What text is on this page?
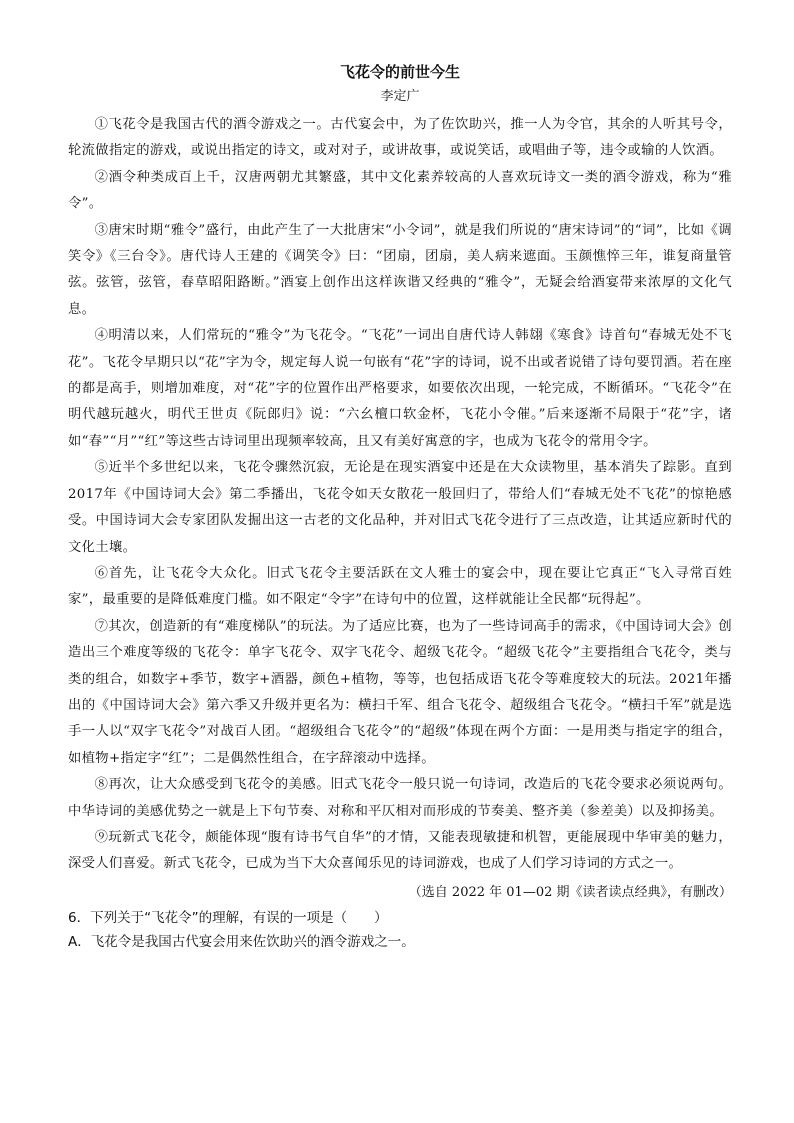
飞花令的前世今生
李定广

①飞花令是我国古代的酒令游戏之一。古代宴会中，为了佐饮助兴，推一人为令官，其余的人听其号令，轮流做指定的游戏，或说出指定的诗文，或对对子，或讲故事，或说笑话，或唱曲子等，违令或输的人饮酒。

②酒令种类成百上千，汉唐两朝尤其繁盛，其中文化素养较高的人喜欢玩诗文一类的酒令游戏，称为“雅令”。

③唐宋时期“雅令”盛行，由此产生了一大批唐宋“小令词”，就是我们所说的“唐宋诗词”的“词”，比如《调笑令》《三台令》。唐代诗人王建的《调笑令》曰：“团扇，团扇，美人病来遮面。玉颜憔悴三年，谁复商量管弦。弦管，弦管，春草昭阳路断。”酒宴上创作出这样诙谐又经典的“雅令”，无疑会给酒宴带来浓厚的文化气息。

④明清以来，人们常玩的“雅令”为飞花令。“飞花”一词出自唐代诗人韩翃《寒食》诗首句“春城无处不飞花”。飞花令早期只以“花”字为令，规定每人说一句嵌有“花”字的诗词，说不出或者说错了诗句要罚酒。若在座的都是高手，则增加难度，对“花”字的位置作出严格要求，如要依次出现，一轮完成，不断循环。“飞花令”在明代越玩越火，明代王世贞《阮郎归》说：“六幺檀口软金杯，飞花小令催。”后来逐渐不局限于“花”字，诸如“春”“月”“红”等这些古诗词里出现频率较高，且又有美好寓意的字，也成为飞花令的常用令字。

⑤近半个多世纪以来，飞花令骤然沉寂，无论是在现实酒宴中还是在大众读物里，基本消失了踪影。直到2017年《中国诗词大会》第二季播出，飞花令如天女散花一般回归了，带给人们“春城无处不飞花”的惊艳感受。中国诗词大会专家团队发掘出这一古老的文化品种，并对旧式飞花令进行了三点改造，让其适应新时代的文化土壤。

⑥首先，让飞花令大众化。旧式飞花令主要活跃在文人雅士的宴会中，现在要让它真正“飞入寻常百姓家”，最重要的是降低难度门槛。如不限定“令字”在诗句中的位置，这样就能让全民都“玩得起”。

⑦其次，创造新的有“难度梯队”的玩法。为了适应比赛，也为了一些诗词高手的需求，《中国诗词大会》创造出三个难度等级的飞花令：单字飞花令、双字飞花令、超级飞花令。“超级飞花令”主要指组合飞花令，类与类的组合，如数字+季节，数字+酒器，颜色+植物，等等，也包括成语飞花令等难度较大的玩法。2021年播出的《中国诗词大会》第六季又升级并更名为：横扫千军、组合飞花令、超级组合飞花令。“横扫千军”就是选手一人以“双字飞花令”对战百人团。“超级组合飞花令”的“超级”体现在两个方面：一是用类与指定字的组合，如植物+指定字“红”；二是偶然性组合，在字辞滚动中选择。

⑧再次，让大众感受到飞花令的美感。旧式飞花令一般只说一句诗词，改造后的飞花令要求必须说两句。中华诗词的美感优势之一就是上下句节奏、对称和平仄相对而形成的节奏美、整齐美（参差美）以及抑扬美。

⑨玩新式飞花令，颇能体现“腹有诗书气自华”的才情，又能表现敏捷和机智，更能展现中华审美的魅力，深受人们喜爱。新式飞花令，已成为当下大众喜闻乐见的诗词游戏，也成了人们学习诗词的方式之一。

（选自 2022 年 01—02 期《读者读点经典》，有删改）

6．下列关于“飞花令”的理解，有误的一项是（　　）

A．飞花令是我国古代宴会用来佐饮助兴的酒令游戏之一。
